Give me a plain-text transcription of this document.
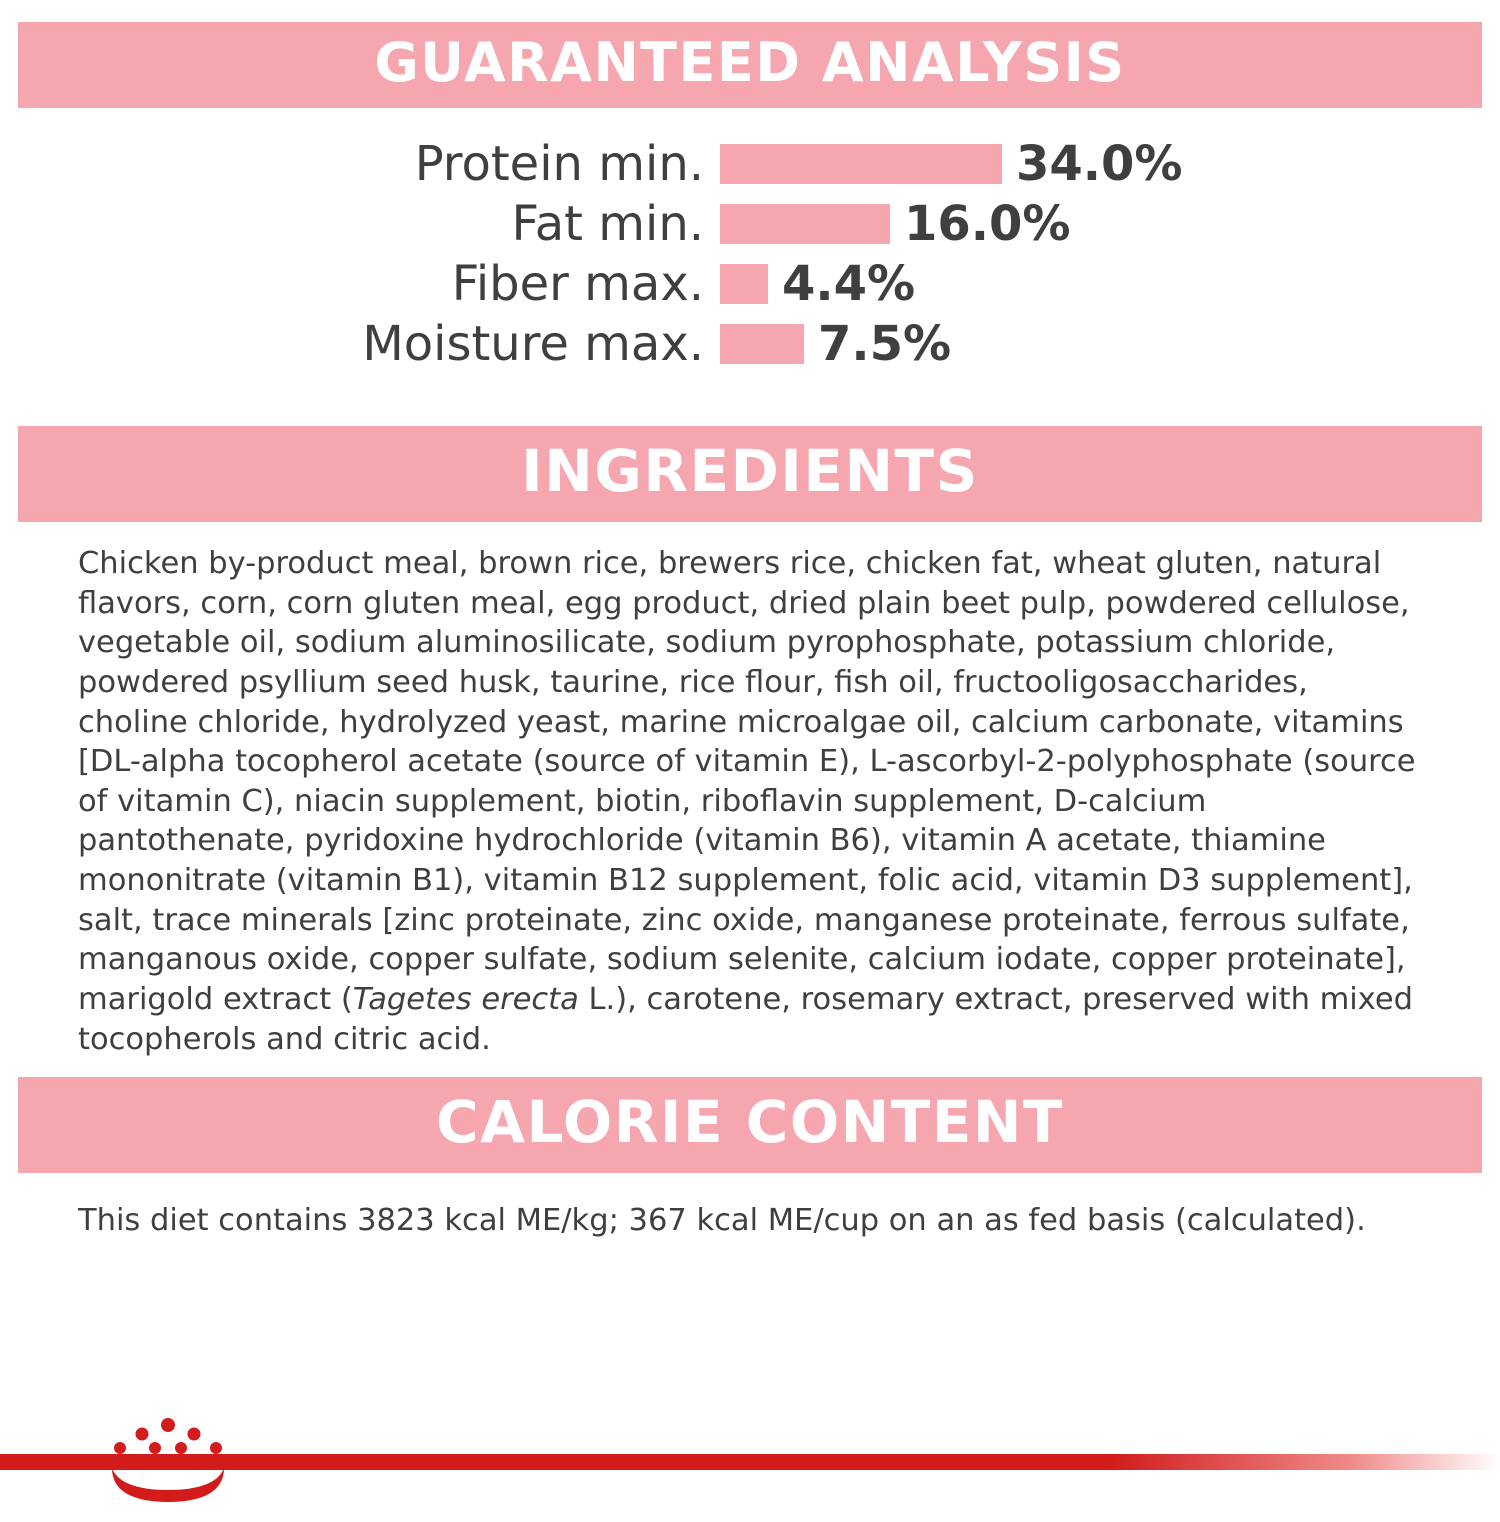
GUARANTEED ANALYSIS
Protein min.	34.0%
Fat min.	16.0%
Fiber max.	4.4%
Moisture max.	7.5%
INGREDIENTS
Chicken by-product meal, brown rice, brewers rice, chicken fat, wheat gluten, natural flavors, corn, corn gluten meal, egg product, dried plain beet pulp, powdered cellulose, vegetable oil, sodium aluminosilicate, sodium pyrophosphate, potassium chloride, powdered psyllium seed husk, taurine, rice flour, fish oil, fructooligosaccharides, choline chloride, hydrolyzed yeast, marine microalgae oil, calcium carbonate, vitamins [DL-alpha tocopherol acetate (source of vitamin E), L-ascorbyl-2-polyphosphate (source of vitamin C), niacin supplement, biotin, riboflavin supplement, D-calcium pantothenate, pyridoxine hydrochloride (vitamin B6), vitamin A acetate, thiamine mononitrate (vitamin B1), vitamin B12 supplement, folic acid, vitamin D3 supplement], salt, trace minerals [zinc proteinate, zinc oxide, manganese proteinate, ferrous sulfate, manganous oxide, copper sulfate, sodium selenite, calcium iodate, copper proteinate], marigold extract (Tagetes erecta L.), carotene, rosemary extract, preserved with mixed tocopherols and citric acid.
CALORIE CONTENT
This diet contains 3823 kcal ME/kg; 367 kcal ME/cup on an as fed basis (calculated).
